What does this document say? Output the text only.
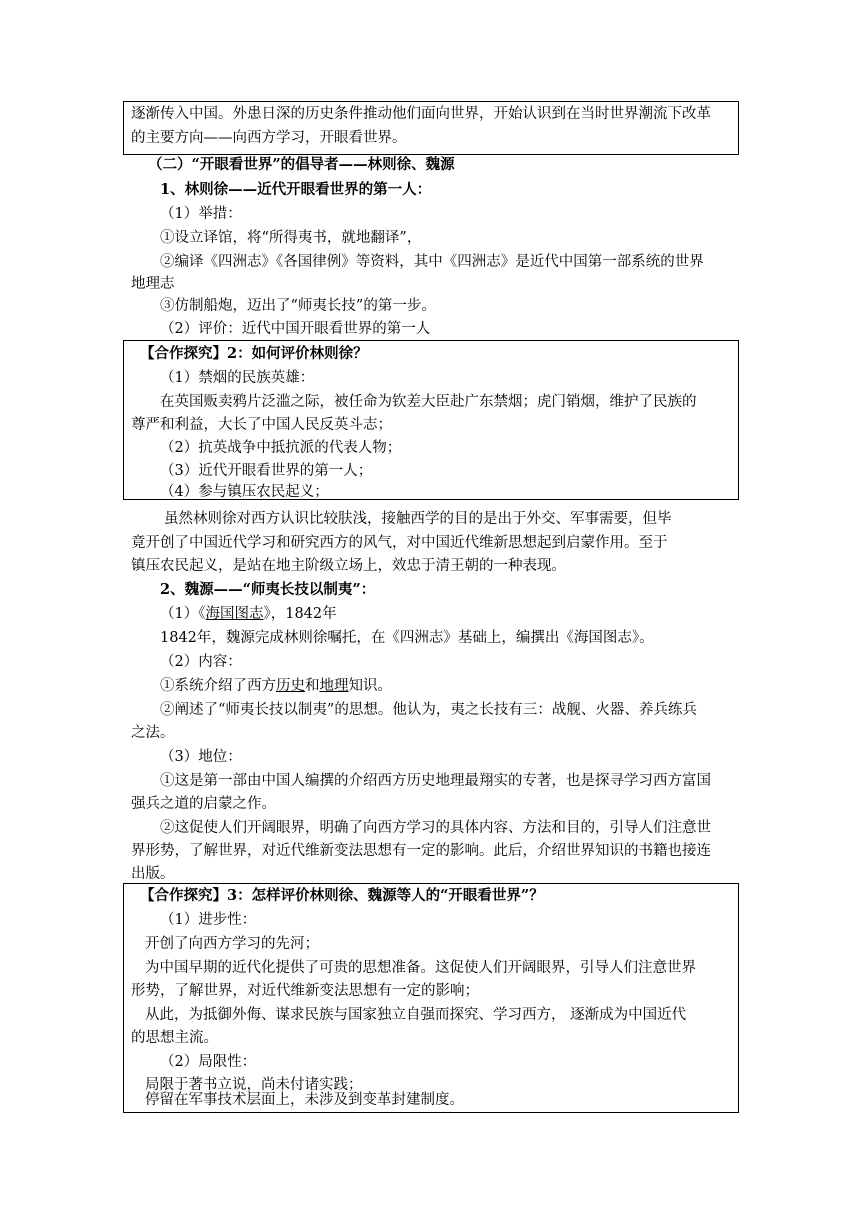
逐渐传入中国。外患日深的历史条件推动他们面向世界，开始认识到在当时世界潮流下改革
的主要方向——向西方学习，开眼看世界。
（二）“开眼看世界”的倡导者——林则徐、魏源
1、林则徐——近代开眼看世界的第一人：
（1）举措：
①设立译馆，将“所得夷书，就地翻译”，
②编译《四洲志》《各国律例》等资料，其中《四洲志》是近代中国第一部系统的世界
地理志
③仿制船炮，迈出了“师夷长技”的第一步。
（2）评价：近代中国开眼看世界的第一人
【合作探究】2：如何评价林则徐？
（1）禁烟的民族英雄：
在英国贩卖鸦片泛滥之际，被任命为钦差大臣赴广东禁烟；虎门销烟，维护了民族的
尊严和利益，大长了中国人民反英斗志；
（2）抗英战争中抵抗派的代表人物；
（3）近代开眼看世界的第一人；
（4）参与镇压农民起义；
虽然林则徐对西方认识比较肤浅，接触西学的目的是出于外交、军事需要，但毕
竟开创了中国近代学习和研究西方的风气，对中国近代维新思想起到启蒙作用。至于
镇压农民起义，是站在地主阶级立场上，效忠于清王朝的一种表现。
2、魏源——“师夷长技以制夷”：
（1）《海国图志》，1842年
1842年，魏源完成林则徐嘱托，在《四洲志》基础上，编撰出《海国图志》。
（2）内容：
①系统介绍了西方历史和地理知识。
②阐述了“师夷长技以制夷”的思想。他认为，夷之长技有三：战舰、火器、养兵练兵
之法。
（3）地位：
①这是第一部由中国人编撰的介绍西方历史地理最翔实的专著，也是探寻学习西方富国
强兵之道的启蒙之作。
②这促使人们开阔眼界，明确了向西方学习的具体内容、方法和目的，引导人们注意世
界形势，了解世界，对近代维新变法思想有一定的影响。此后，介绍世界知识的书籍也接连
出版。
【合作探究】3：怎样评价林则徐、魏源等人的“开眼看世界”？
（1）进步性：
开创了向西方学习的先河；
为中国早期的近代化提供了可贵的思想准备。这促使人们开阔眼界，引导人们注意世界
形势，了解世界，对近代维新变法思想有一定的影响；
从此，为抵御外侮、谋求民族与国家独立自强而探究、学习西方， 逐渐成为中国近代
的思想主流。
（2）局限性：
局限于著书立说，尚未付诸实践；
停留在军事技术层面上，未涉及到变革封建制度。
